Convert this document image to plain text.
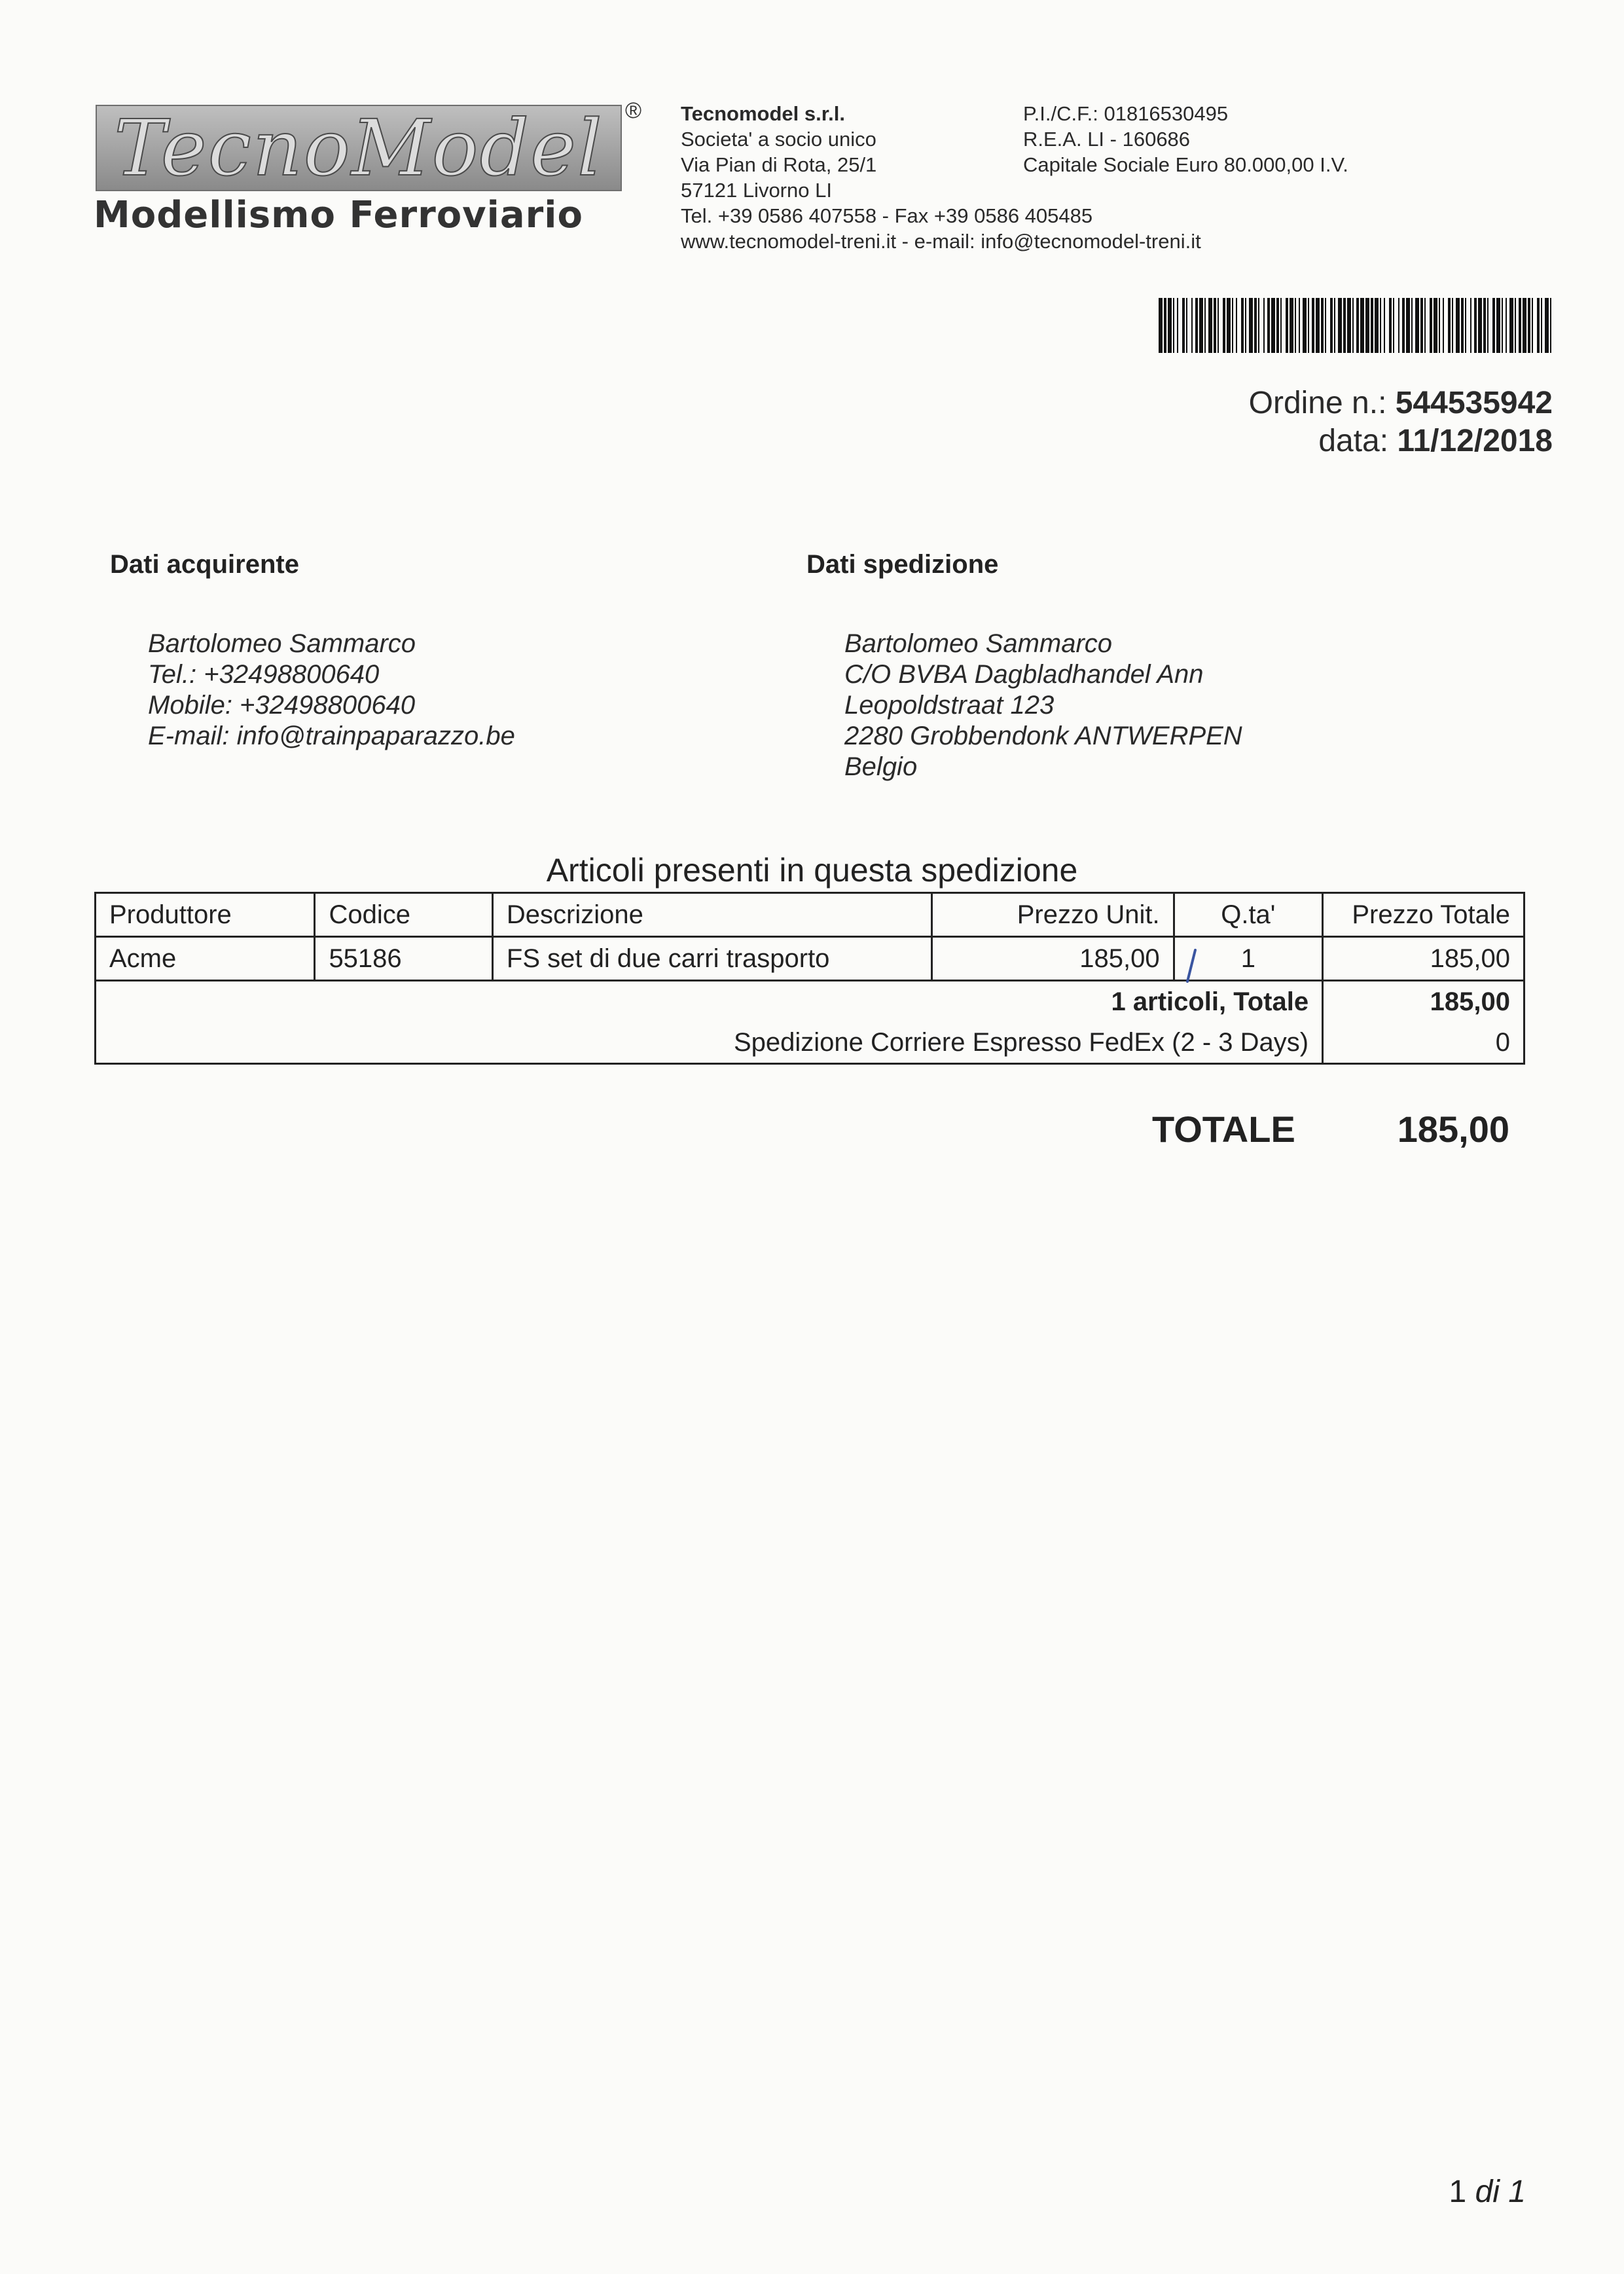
TecnoModel ®
Modellismo Ferroviario
Tecnomodel s.r.l.
Societa' a socio unico
Via Pian di Rota, 25/1
57121 Livorno LI
Tel. +39 0586 407558 - Fax +39 0586 405485
www.tecnomodel-treni.it - e-mail: info@tecnomodel-treni.it
P.I./C.F.: 01816530495
R.E.A. LI - 160686
Capitale Sociale Euro 80.000,00 I.V.
Ordine n.: 544535942
data: 11/12/2018
Dati acquirente	Dati spedizione
Bartolomeo Sammarco
Tel.: +32498800640
Mobile: +32498800640
E-mail: info@trainpaparazzo.be
Bartolomeo Sammarco
C/O BVBA Dagbladhandel Ann
Leopoldstraat 123
2280 Grobbendonk ANTWERPEN
Belgio
Articoli presenti in questa spedizione
Produttore	Codice	Descrizione	Prezzo Unit.	Q.ta'	Prezzo Totale
Acme	55186	FS set di due carri trasporto	185,00	1	185,00
1 articoli, Totale					185,00
Spedizione Corriere Espresso FedEx (2 - 3 Days)					0
TOTALE	185,00
1 di 1
